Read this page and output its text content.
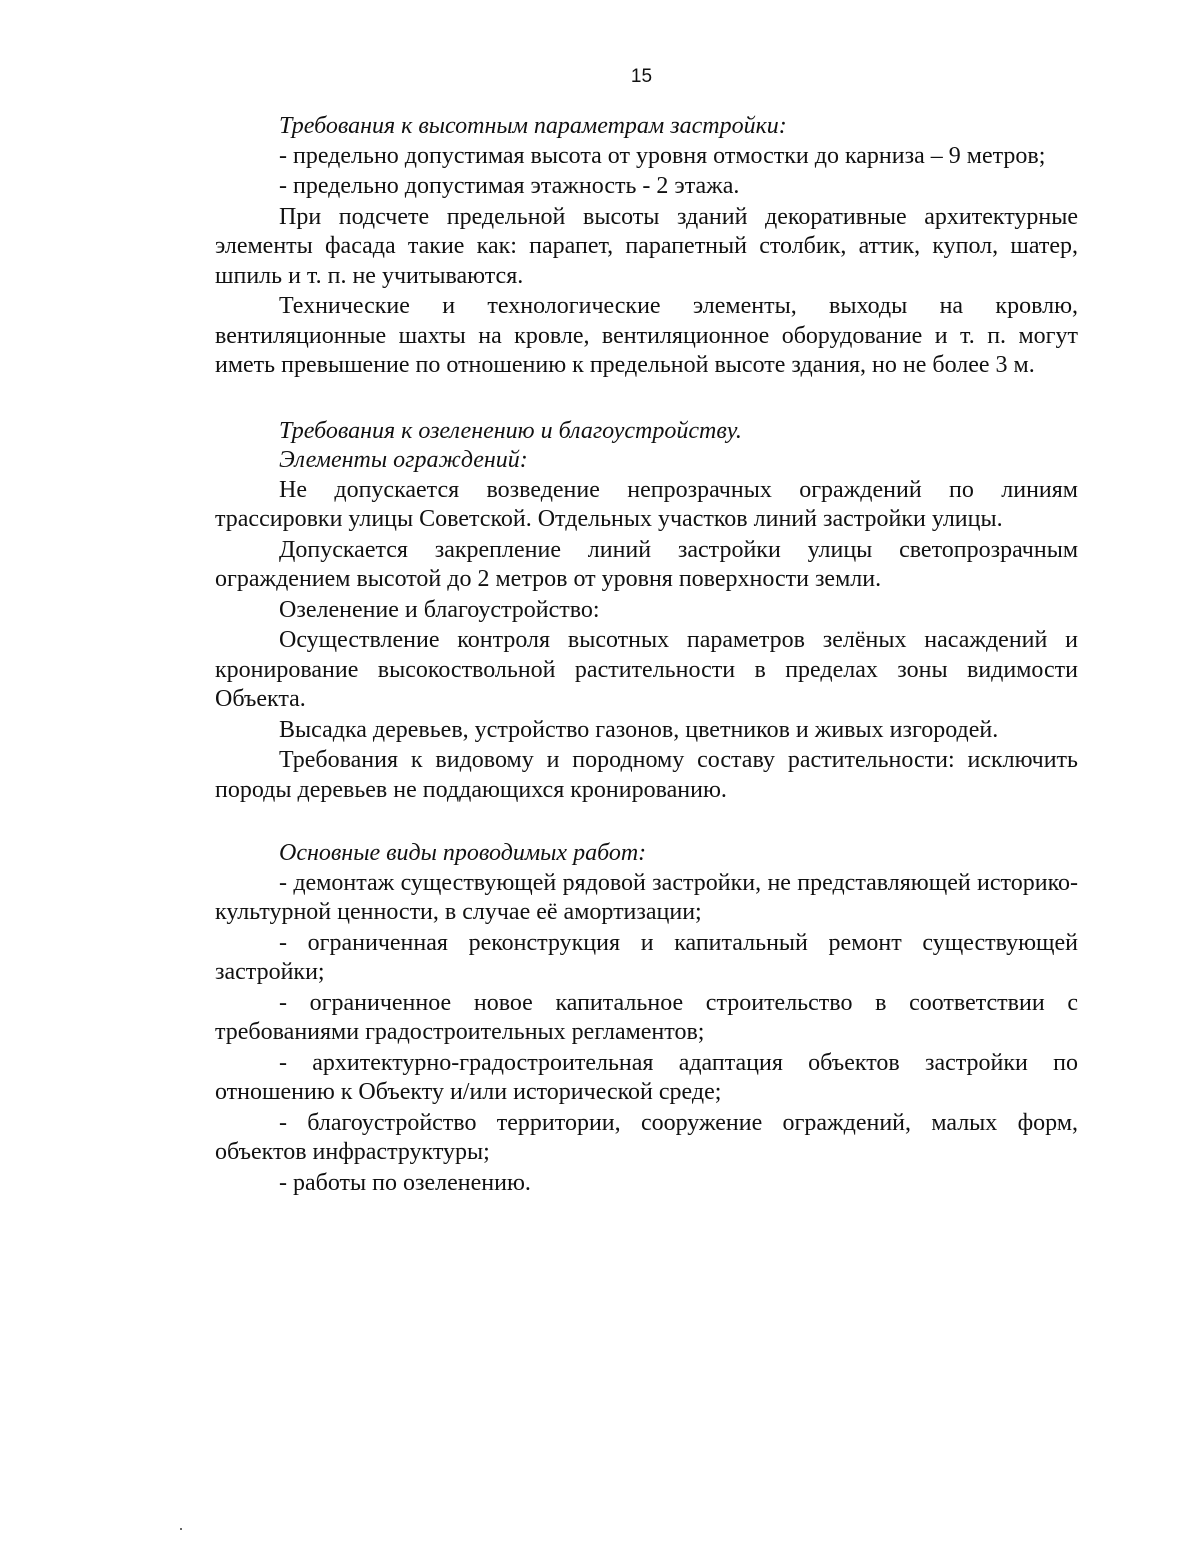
15

Требования к высотным параметрам застройки:

- предельно допустимая высота от уровня отмостки до карниза – 9 метров;

- предельно допустимая этажность - 2 этажа.

При подсчете предельной высоты зданий декоративные архитектурные элементы фасада такие как: парапет, парапетный столбик, аттик, купол, шатер, шпиль и т. п. не учитываются.

Технические и технологические элементы, выходы на кровлю, вентиляционные шахты на кровле, вентиляционное оборудование и т. п. могут иметь превышение по отношению к предельной высоте здания, но не более 3 м.

Требования к озеленению и благоустройству.

Элементы ограждений:

Не допускается возведение непрозрачных ограждений по линиям трассировки улицы Советской. Отдельных участков линий застройки улицы.

Допускается закрепление линий застройки улицы светопрозрачным ограждением высотой до 2 метров от уровня поверхности земли.

Озеленение и благоустройство:

Осуществление контроля высотных параметров зелёных насаждений и кронирование высокоствольной растительности в пределах зоны видимости Объекта.

Высадка деревьев, устройство газонов, цветников и живых изгородей.

Требования к видовому и породному составу растительности: исключить породы деревьев не поддающихся кронированию.

Основные виды проводимых работ:

- демонтаж существующей рядовой застройки, не представляющей историко-культурной ценности, в случае её амортизации;

- ограниченная реконструкция и капитальный ремонт существующей застройки;

- ограниченное новое капитальное строительство в соответствии с требованиями градостроительных регламентов;

- архитектурно-градостроительная адаптация объектов застройки по отношению к Объекту и/или исторической среде;

- благоустройство территории, сооружение ограждений, малых форм, объектов инфраструктуры;

- работы по озеленению.
